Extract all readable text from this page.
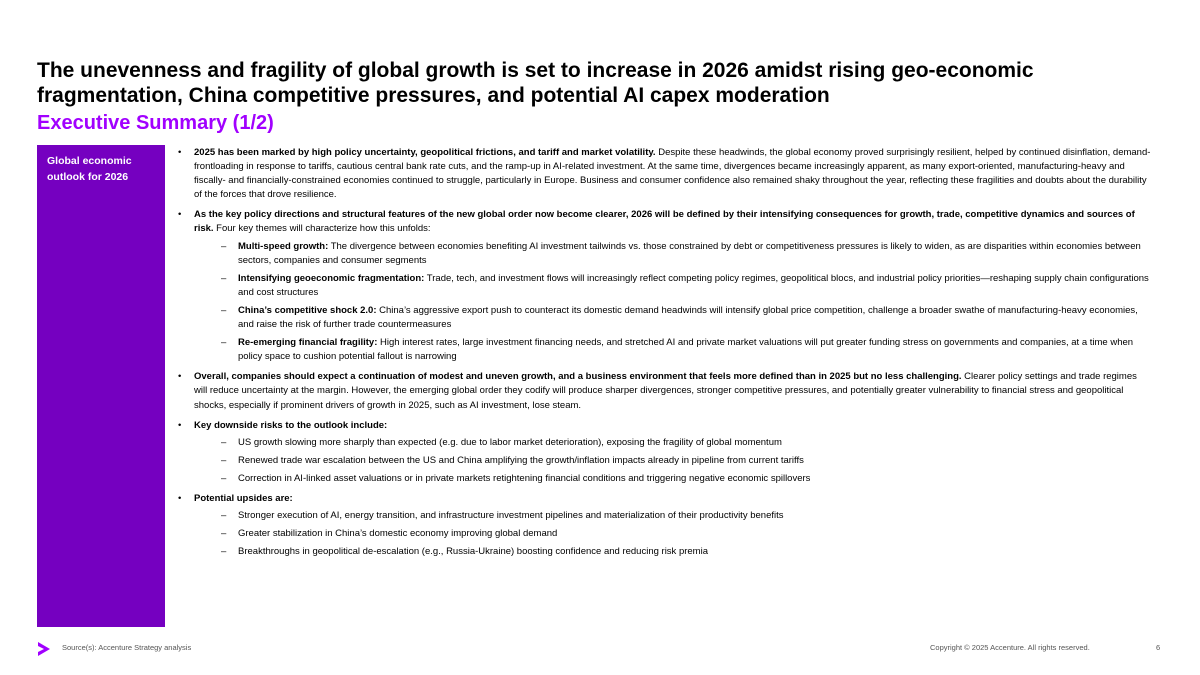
The unevenness and fragility of global growth is set to increase in 2026 amidst rising geo-economic fragmentation, China competitive pressures, and potential AI capex moderation
Executive Summary (1/2)
Global economic outlook for 2026
• 2025 has been marked by high policy uncertainty, geopolitical frictions, and tariff and market volatility. Despite these headwinds, the global economy proved surprisingly resilient, helped by continued disinflation, demand-frontloading in response to tariffs, cautious central bank rate cuts, and the ramp-up in AI-related investment. At the same time, divergences became increasingly apparent, as many export-oriented, manufacturing-heavy and fiscally- and financially-constrained economies continued to struggle, particularly in Europe. Business and consumer confidence also remained shaky throughout the year, reflecting these fragilities and doubts about the durability of the forces that drove resilience.
• As the key policy directions and structural features of the new global order now become clearer, 2026 will be defined by their intensifying consequences for growth, trade, competitive dynamics and sources of risk. Four key themes will characterize how this unfolds:
– Multi-speed growth: The divergence between economies benefiting AI investment tailwinds vs. those constrained by debt or competitiveness pressures is likely to widen, as are disparities within economies between sectors, companies and consumer segments
– Intensifying geoeconomic fragmentation: Trade, tech, and investment flows will increasingly reflect competing policy regimes, geopolitical blocs, and industrial policy priorities—reshaping supply chain configurations and cost structures
– China’s competitive shock 2.0: China’s aggressive export push to counteract its domestic demand headwinds will intensify global price competition, challenge a broader swathe of manufacturing-heavy economies, and raise the risk of further trade countermeasures
– Re-emerging financial fragility: High interest rates, large investment financing needs, and stretched AI and private market valuations will put greater funding stress on governments and companies, at a time when policy space to cushion potential fallout is narrowing
• Overall, companies should expect a continuation of modest and uneven growth, and a business environment that feels more defined than in 2025 but no less challenging. Clearer policy settings and trade regimes will reduce uncertainty at the margin. However, the emerging global order they codify will produce sharper divergences, stronger competitive pressures, and potentially greater vulnerability to financial stress and geopolitical shocks, especially if prominent drivers of growth in 2025, such as AI investment, lose steam.
• Key downside risks to the outlook include:
– US growth slowing more sharply than expected (e.g. due to labor market deterioration), exposing the fragility of global momentum
– Renewed trade war escalation between the US and China amplifying the growth/inflation impacts already in pipeline from current tariffs
– Correction in AI-linked asset valuations or in private markets retightening financial conditions and triggering negative economic spillovers
• Potential upsides are:
– Stronger execution of AI, energy transition, and infrastructure investment pipelines and materialization of their productivity benefits
– Greater stabilization in China’s domestic economy improving global demand
– Breakthroughs in geopolitical de-escalation (e.g., Russia-Ukraine) boosting confidence and reducing risk premia
Source(s): Accenture Strategy analysis	Copyright © 2025 Accenture. All rights reserved.	6
